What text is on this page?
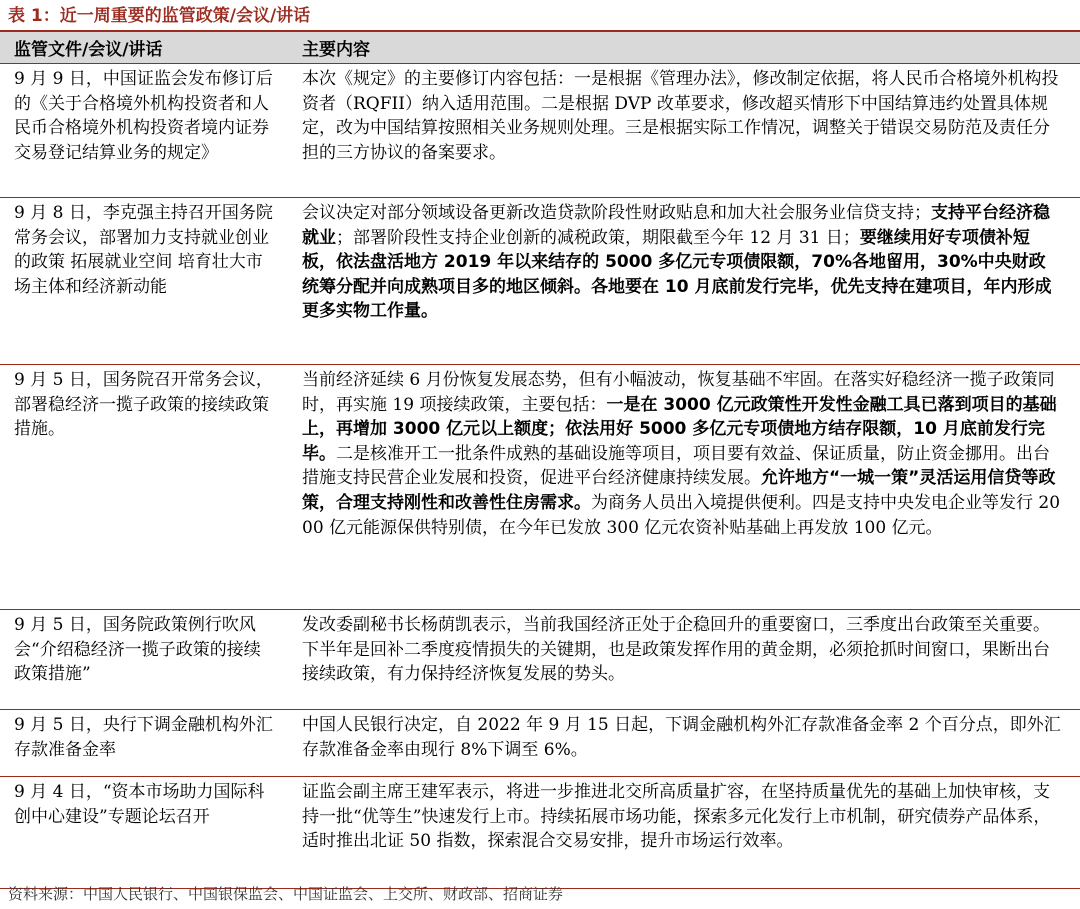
表 1：近一周重要的监管政策/会议/讲话
监管文件/会议/讲话	主要内容
9 月 9 日，中国证监会发布修订后的《关于合格境外机构投资者和人民币合格境外机构投资者境内证券交易登记结算业务的规定》	本次《规定》的主要修订内容包括：一是根据《管理办法》，修改制定依据，将人民币合格境外机构投资者（RQFII）纳入适用范围。二是根据 DVP 改革要求，修改超买情形下中国结算违约处置具体规定，改为中国结算按照相关业务规则处理。三是根据实际工作情况，调整关于错误交易防范及责任分担的三方协议的备案要求。
9 月 8 日，李克强主持召开国务院常务会议，部署加力支持就业创业的政策 拓展就业空间 培育壮大市场主体和经济新动能	会议决定对部分领域设备更新改造贷款阶段性财政贴息和加大社会服务业信贷支持；支持平台经济稳就业；部署阶段性支持企业创新的减税政策，期限截至今年 12 月 31 日；要继续用好专项债补短板，依法盘活地方 2019 年以来结存的 5000 多亿元专项债限额，70%各地留用，30%中央财政统筹分配并向成熟项目多的地区倾斜。各地要在 10 月底前发行完毕，优先支持在建项目，年内形成更多实物工作量。
9 月 5 日，国务院召开常务会议，部署稳经济一揽子政策的接续政策措施。	当前经济延续 6 月份恢复发展态势，但有小幅波动，恢复基础不牢固。在落实好稳经济一揽子政策同时，再实施 19 项接续政策，主要包括：一是在 3000 亿元政策性开发性金融工具已落到项目的基础上，再增加 3000 亿元以上额度；依法用好 5000 多亿元专项债地方结存限额，10 月底前发行完毕。二是核准开工一批条件成熟的基础设施等项目，项目要有效益、保证质量，防止资金挪用。出台措施支持民营企业发展和投资，促进平台经济健康持续发展。允许地方“一城一策”灵活运用信贷等政策，合理支持刚性和改善性住房需求。为商务人员出入境提供便利。四是支持中央发电企业等发行 2000 亿元能源保供特别债，在今年已发放 300 亿元农资补贴基础上再发放 100 亿元。
9 月 5 日，国务院政策例行吹风会“介绍稳经济一揽子政策的接续政策措施”	发改委副秘书长杨荫凯表示，当前我国经济正处于企稳回升的重要窗口，三季度出台政策至关重要。下半年是回补二季度疫情损失的关键期，也是政策发挥作用的黄金期，必须抢抓时间窗口，果断出台接续政策，有力保持经济恢复发展的势头。
9 月 5 日，央行下调金融机构外汇存款准备金率	中国人民银行决定，自 2022 年 9 月 15 日起，下调金融机构外汇存款准备金率 2 个百分点，即外汇存款准备金率由现行 8%下调至 6%。
9 月 4 日，“资本市场助力国际科创中心建设”专题论坛召开	证监会副主席王建军表示，将进一步推进北交所高质量扩容，在坚持质量优先的基础上加快审核，支持一批“优等生”快速发行上市。持续拓展市场功能，探索多元化发行上市机制，研究债券产品体系，适时推出北证 50 指数，探索混合交易安排，提升市场运行效率。
资料来源：中国人民银行、中国银保监会、中国证监会、上交所、财政部、招商证券
